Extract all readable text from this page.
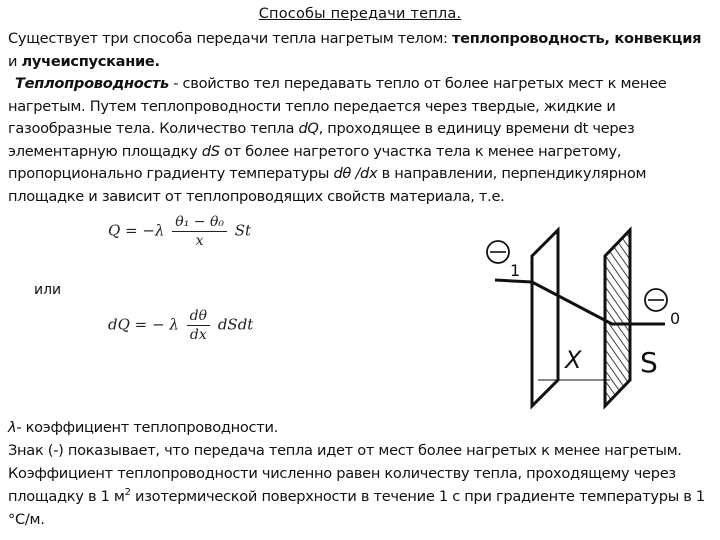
Способы передачи тепла.
Существует три способа передачи тепла нагретым телом: теплопроводность, конвекция
и лучеиспускание.
Теплопроводность - свойство тел передавать тепло от более нагретых мест к менее нагретым. Путем теплопроводности тепло передается через твердые, жидкие и газообразные тела. Количество тепла dQ, проходящее в единицу времени dt через элементарную площадку dS от более нагретого участка тела к менее нагретому, пропорционально градиенту температуры dθ /dx в направлении, перпендикулярном площадке и зависит от теплопроводящих свойств материала, т.е.
$Q = -\lambda \frac{\text{θ₁ − θ₀}}{x}$ St
или
dQ = − λ $\frac{d\theta}{dx}$ dSdt
1
0
X S
λ- коэффициент теплопроводности.
Знак (-) показывает, что передача тепла идет от мест более нагретых к менее нагретым.
Коэффициент теплопроводности численно равен количеству тепла, проходящему через площадку в 1 $м^2$ изотермической поверхности в течение 1 с при градиенте температуры в 1 °С/м.
